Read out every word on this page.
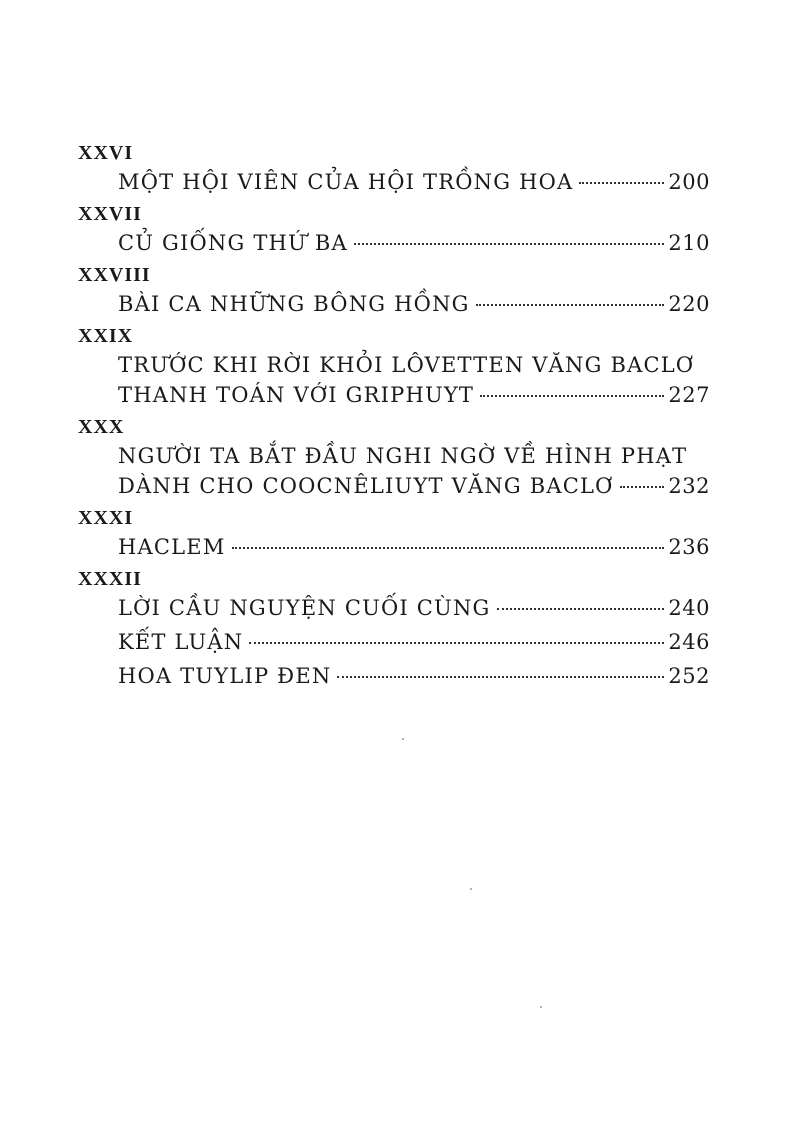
XXVI
MỘT HỘI VIÊN CỦA HỘI TRỒNG HOA	200
XXVII
CỦ GIỐNG THỨ BA	210
XXVIII
BÀI CA NHỮNG BÔNG HỒNG	220
XXIX
TRƯỚC KHI RỜI KHỎI LÔVETTEN VĂNG BACLƠ
THANH TOÁN VỚI GRIPHUYT	227
XXX
NGƯỜI TA BẮT ĐẦU NGHI NGỜ VỀ HÌNH PHẠT
DÀNH CHO COOCNÊLIUYT VĂNG BACLƠ	232
XXXI
HACLEM	236
XXXII
LỜI CẦU NGUYỆN CUỐI CÙNG	240
KẾT LUẬN	246
HOA TUYLIP ĐEN	252
